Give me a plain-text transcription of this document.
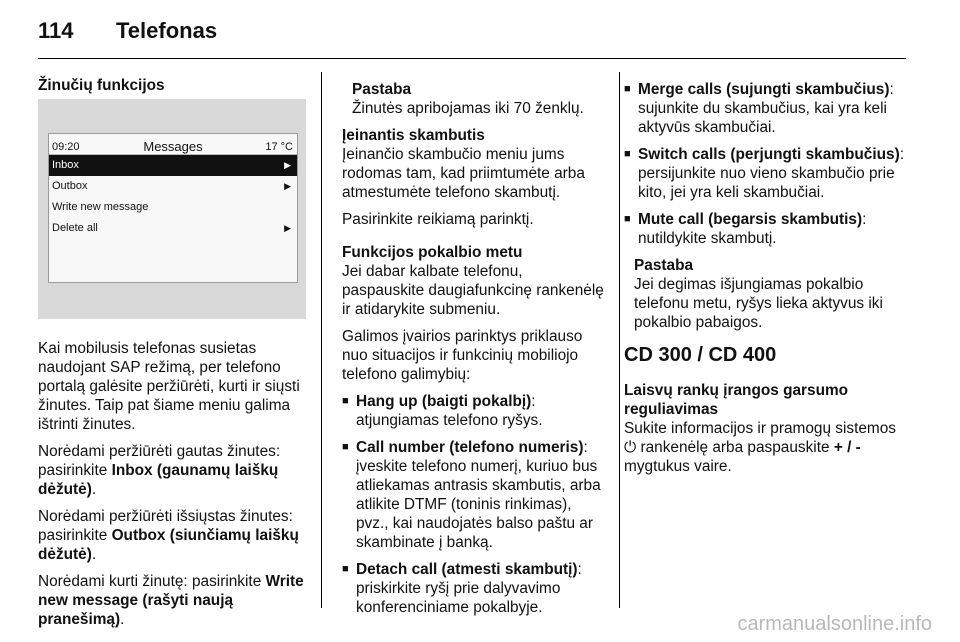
114 Telefonas

Žinučių funkcijos

09:20	Messages	17 °C
Inbox	▶
Outbox	▶
Write new message
Delete all	▶

Kai mobilusis telefonas susietas naudojant SAP režimą, per telefono portalą galėsite peržiūrėti, kurti ir siųsti žinutes. Taip pat šiame meniu galima ištrinti žinutes.

Norėdami peržiūrėti gautas žinutes: pasirinkite Inbox (gaunamų laiškų dėžutė).

Norėdami peržiūrėti išsiųstas žinutes: pasirinkite Outbox (siunčiamų laiškų dėžutė).

Norėdami kurti žinutę: pasirinkite Write new message (rašyti naują pranešimą).

Pastaba

Žinutės apribojamas iki 70 ženklų.

Įeinantis skambutis

Įeinančio skambučio meniu jums rodomas tam, kad priimtumėte arba atmestumėte telefono skambutį.

Pasirinkite reikiamą parinktį.

Funkcijos pokalbio metu

Jei dabar kalbate telefonu, paspauskite daugiafunkcinę rankenėlę ir atidarykite submeniu.

Galimos įvairios parinktys priklauso nuo situacijos ir funkcinių mobiliojo telefono galimybių:

■ Hang up (baigti pokalbį): atjungiamas telefono ryšys.

■ Call number (telefono numeris): įveskite telefono numerį, kuriuo bus atliekamas antrasis skambutis, arba atlikite DTMF (toninis rinkimas), pvz., kai naudojatės balso paštu ar skambinate į banką.

■ Detach call (atmesti skambutį): priskirkite ryšį prie dalyvavimo konferenciniame pokalbyje.

■ Merge calls (sujungti skambučius): sujunkite du skambučius, kai yra keli aktyvūs skambučiai.

■ Switch calls (perjungti skambučius): persijunkite nuo vieno skambučio prie kito, jei yra keli skambučiai.

■ Mute call (begarsis skambutis): nutildykite skambutį.

Pastaba

Jei degimas išjungiamas pokalbio telefonu metu, ryšys lieka aktyvus iki pokalbio pabaigos.

CD 300 / CD 400

Laisvų rankų įrangos garsumo reguliavimas

Sukite informacijos ir pramogų sistemos ⏻ rankenėlę arba paspauskite + / - mygtukus vaire.

carmanualsonline.info
